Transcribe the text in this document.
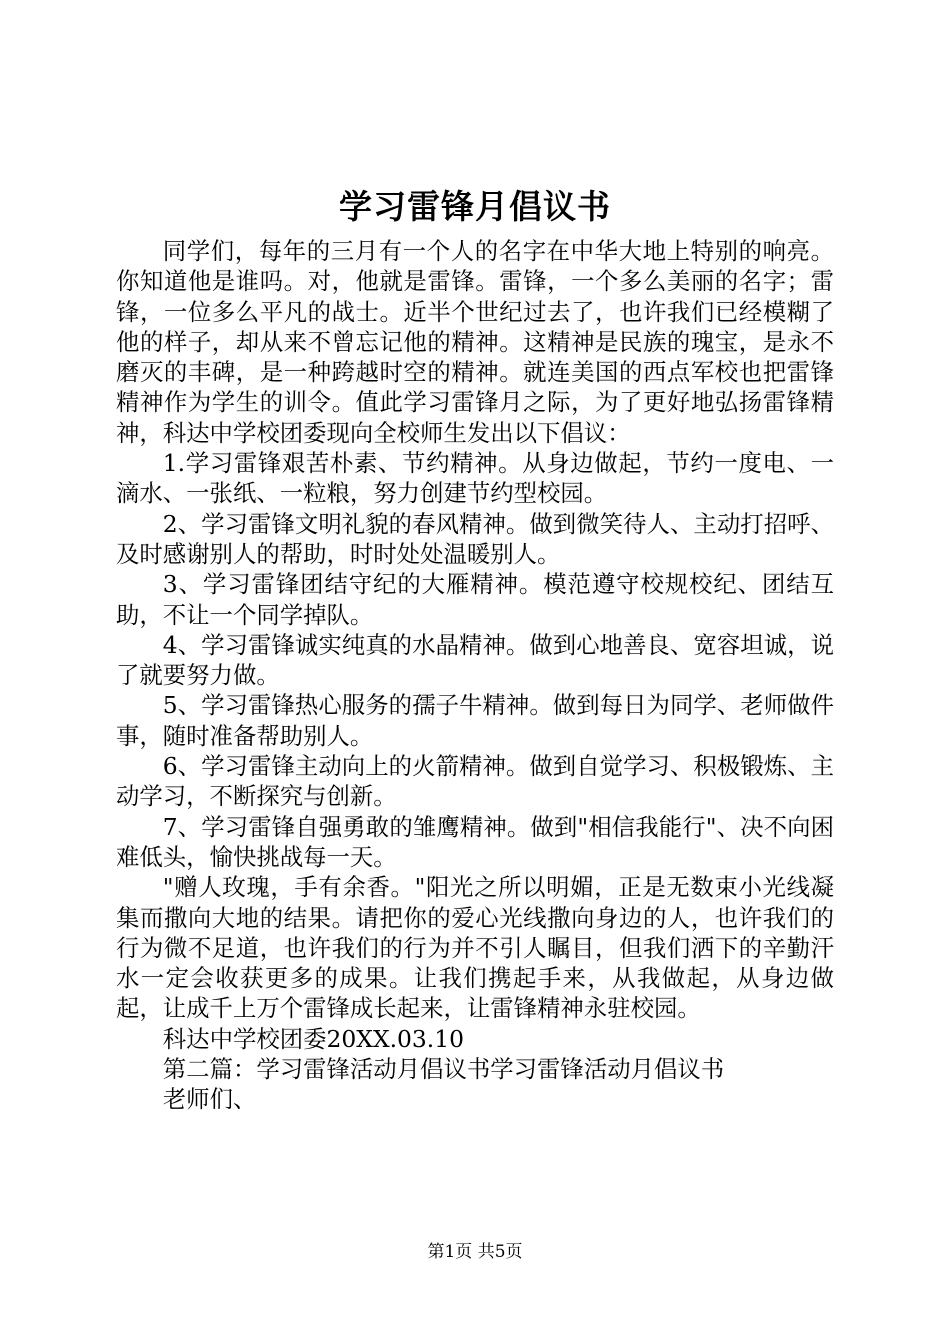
学习雷锋月倡议书

同学们，每年的三月有一个人的名字在中华大地上特别的响亮。你知道他是谁吗。对，他就是雷锋。雷锋，一个多么美丽的名字；雷锋，一位多么平凡的战士。近半个世纪过去了，也许我们已经模糊了他的样子，却从来不曾忘记他的精神。这精神是民族的瑰宝，是永不磨灭的丰碑，是一种跨越时空的精神。就连美国的西点军校也把雷锋精神作为学生的训令。值此学习雷锋月之际，为了更好地弘扬雷锋精神，科达中学校团委现向全校师生发出以下倡议：

1.学习雷锋艰苦朴素、节约精神。从身边做起，节约一度电、一滴水、一张纸、一粒粮，努力创建节约型校园。

2、学习雷锋文明礼貌的春风精神。做到微笑待人、主动打招呼、及时感谢别人的帮助，时时处处温暖别人。

3、学习雷锋团结守纪的大雁精神。模范遵守校规校纪、团结互助，不让一个同学掉队。

4、学习雷锋诚实纯真的水晶精神。做到心地善良、宽容坦诚，说了就要努力做。

5、学习雷锋热心服务的孺子牛精神。做到每日为同学、老师做件事，随时准备帮助别人。

6、学习雷锋主动向上的火箭精神。做到自觉学习、积极锻炼、主动学习，不断探究与创新。

7、学习雷锋自强勇敢的雏鹰精神。做到"相信我能行"、决不向困难低头，愉快挑战每一天。

"赠人玫瑰，手有余香。"阳光之所以明媚，正是无数束小光线凝集而撒向大地的结果。请把你的爱心光线撒向身边的人，也许我们的行为微不足道，也许我们的行为并不引人瞩目，但我们洒下的辛勤汗水一定会收获更多的成果。让我们携起手来，从我做起，从身边做起，让成千上万个雷锋成长起来，让雷锋精神永驻校园。

科达中学校团委20XX.03.10

第二篇：学习雷锋活动月倡议书学习雷锋活动月倡议书

老师们、

第1页 共5页
